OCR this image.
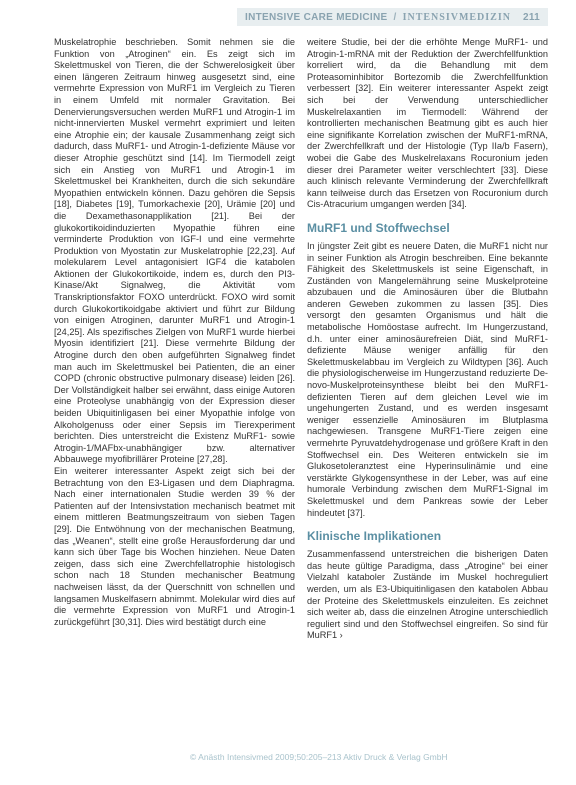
INTENSIVE CARE MEDICINE / INTENSIVMEDIZIN 211

Muskelatrophie beschrieben. Somit nehmen sie die Funktion von „Atroginen“ ein. Es zeigt sich im Skelettmuskel von Tieren, die der Schwerelosigkeit über einen längeren Zeitraum hinweg ausgesetzt sind, eine vermehrte Expression von MuRF1 im Vergleich zu Tieren in einem Umfeld mit normaler Gravitation. Bei Denervierungsversuchen werden MuRF1 und Atrogin-1 im nicht-innervierten Muskel vermehrt exprimiert und leiten eine Atrophie ein; der kausale Zusammenhang zeigt sich dadurch, dass MuRF1- und Atrogin-1-defiziente Mäuse vor dieser Atrophie geschützt sind [14]. Im Tiermodell zeigt sich ein Anstieg von MuRF1 und Atrogin-1 im Skelettmuskel bei Krankheiten, durch die sich sekundäre Myopathien entwickeln können. Dazu gehören die Sepsis [18], Diabetes [19], Tumorkachexie [20], Urämie [20] und die Dexamethasonapplikation [21]. Bei der glukokortikoidinduzierten Myopathie führen eine verminderte Produktion von IGF-I und eine vermehrte Produktion von Myostatin zur Muskelatrophie [22,23]. Auf molekularem Level antagonisiert IGF4 die katabolen Aktionen der Glukokortikoide, indem es, durch den PI3-Kinase/Akt Signalweg, die Aktivität vom Transkriptionsfaktor FOXO unterdrückt. FOXO wird somit durch Glukokortikoidgabe aktiviert und führt zur Bildung von einigen Atroginen, darunter MuRF1 und Atrogin-1 [24,25]. Als spezifisches Zielgen von MuRF1 wurde hierbei Myosin identifiziert [21]. Diese vermehrte Bildung der Atrogine durch den oben aufgeführten Signalweg findet man auch im Skelettmuskel bei Patienten, die an einer COPD (chronic obstructive pulmonary disease) leiden [26]. Der Vollständigkeit halber sei erwähnt, dass einige Autoren eine Proteolyse unabhängig von der Expression dieser beiden Ubiquitinligasen bei einer Myopathie infolge von Alkoholgenuss oder einer Sepsis im Tierexperiment berichten. Dies unterstreicht die Existenz MuRF1- sowie Atrogin-1/MAFbx-unabhängiger bzw. alternativer Abbauwege myofibrillärer Proteine [27,28].

Ein weiterer interessanter Aspekt zeigt sich bei der Betrachtung von den E3-Ligasen und dem Diaphragma. Nach einer internationalen Studie werden 39 % der Patienten auf der Intensivstation mechanisch beatmet mit einem mittleren Beatmungszeitraum von sieben Tagen [29]. Die Entwöhnung von der mechanischen Beatmung, das „Weanen“, stellt eine große Herausforderung dar und kann sich über Tage bis Wochen hinziehen. Neue Daten zeigen, dass sich eine Zwerchfellatrophie histologisch schon nach 18 Stunden mechanischer Beatmung nachweisen lässt, da der Querschnitt von schnellen und langsamen Muskelfasern abnimmt. Molekular wird dies auf die vermehrte Expression von MuRF1 und Atrogin-1 zurückgeführt [30,31]. Dies wird bestätigt durch eine

weitere Studie, bei der die erhöhte Menge MuRF1- und Atrogin-1-mRNA mit der Reduktion der Zwerchfellfunktion korreliert wird, da die Behandlung mit dem Proteasominhibitor Bortezomib die Zwerchfellfunktion verbessert [32]. Ein weiterer interessanter Aspekt zeigt sich bei der Verwendung unterschiedlicher Muskelrelaxantien im Tiermodell: Während der kontrollierten mechanischen Beatmung gibt es auch hier eine signifikante Korrelation zwischen der MuRF1-mRNA, der Zwerchfellkraft und der Histologie (Typ IIa/b Fasern), wobei die Gabe des Muskelrelaxans Rocuronium jeden dieser drei Parameter weiter verschlechtert [33]. Diese auch klinisch relevante Verminderung der Zwerchfellkraft kann teilweise durch das Ersetzen von Rocuronium durch Cis-Atracurium umgangen werden [34].

MuRF1 und Stoffwechsel

In jüngster Zeit gibt es neuere Daten, die MuRF1 nicht nur in seiner Funktion als Atrogin beschreiben. Eine bekannte Fähigkeit des Skelettmuskels ist seine Eigenschaft, in Zuständen von Mangelernährung seine Muskelproteine abzubauen und die Aminosäuren über die Blutbahn anderen Geweben zukommen zu lassen [35]. Dies versorgt den gesamten Organismus und hält die metabolische Homöostase aufrecht. Im Hungerzustand, d.h. unter einer aminosäurefreien Diät, sind MuRF1-defiziente Mäuse weniger anfällig für den Skelettmuskelabbau im Vergleich zu Wildtypen [36]. Auch die physiologischerweise im Hungerzustand reduzierte De-novo-Muskelproteinsynthese bleibt bei den MuRF1-defizienten Tieren auf dem gleichen Level wie im ungehungerten Zustand, und es werden insgesamt weniger essenzielle Aminosäuren im Blutplasma nachgewiesen. Transgene MuRF1-Tiere zeigen eine vermehrte Pyruvatdehydrogenase und größere Kraft in den Stoffwechsel ein. Des Weiteren entwickeln sie im Glukosetoleranztest eine Hyperinsulinämie und eine verstärkte Glykogensynthese in der Leber, was auf eine humorale Verbindung zwischen dem MuRF1-Signal im Skelettmuskel und dem Pankreas sowie der Leber hindeutet [37].

Klinische Implikationen

Zusammenfassend unterstreichen die bisherigen Daten das heute gültige Paradigma, dass „Atrogine“ bei einer Vielzahl kataboler Zustände im Muskel hochreguliert werden, um als E3-Ubiquitinligasen den katabolen Abbau der Proteine des Skelettmuskels einzuleiten. Es zeichnet sich weiter ab, dass die einzelnen Atrogine unterschiedlich reguliert sind und den Stoffwechsel eingreifen. So sind für MuRF1 ›

© Anästh Intensivmed 2009;50:205–213 Aktiv Druck & Verlag GmbH
